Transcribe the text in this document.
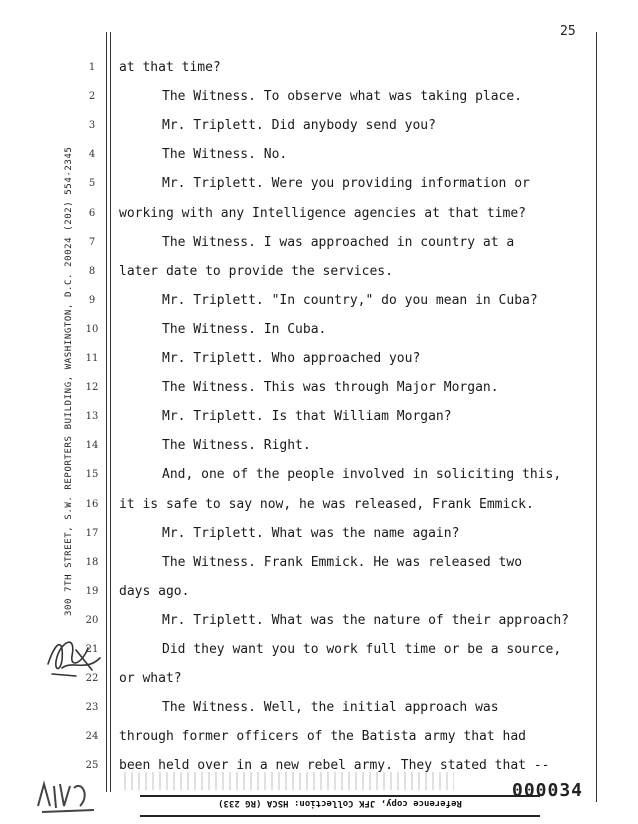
25
300 7TH STREET, S.W. REPORTERS BUILDING, WASHINGTON, D.C. 20024 (202) 554-2345
1	at that time?
2	The Witness. To observe what was taking place.
3	Mr. Triplett. Did anybody send you?
4	The Witness. No.
5	Mr. Triplett. Were you providing information or
6	working with any Intelligence agencies at that time?
7	The Witness. I was approached in country at a
8	later date to provide the services.
9	Mr. Triplett. "In country," do you mean in Cuba?
10	The Witness. In Cuba.
11	Mr. Triplett. Who approached you?
12	The Witness. This was through Major Morgan.
13	Mr. Triplett. Is that William Morgan?
14	The Witness. Right.
15	And, one of the people involved in soliciting this,
16 it is safe to say now, he was released, Frank Emmick.
17	Mr. Triplett. What was the name again?
18	The Witness. Frank Emmick. He was released two
19 days ago.
20	Mr. Triplett. What was the nature of their approach?
21	Did they want you to work full time or be a source,
22 or what?
23	The Witness. Well, the initial approach was
24 through former officers of the Batista army that had
25 been held over in a new rebel army. They stated that --
000034
Reference copy, JFK Collection: HSCA (RG 233)
